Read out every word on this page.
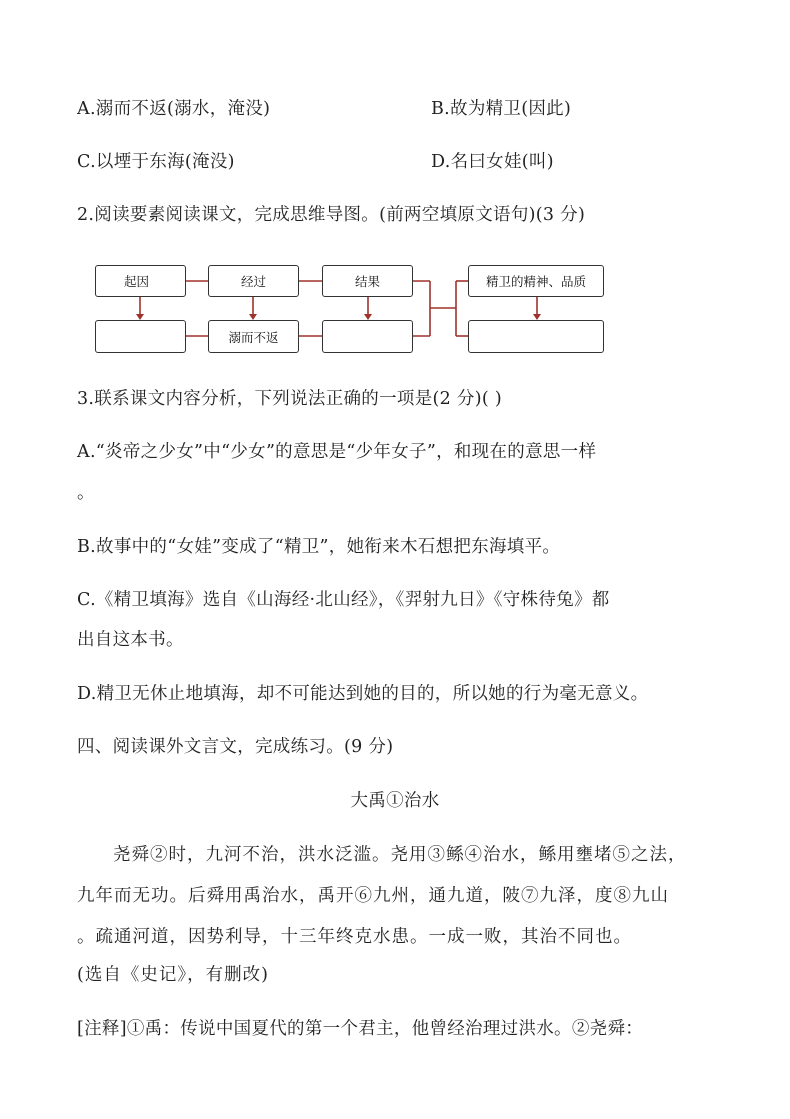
A.溺而不返(溺水，淹没)	B.故为精卫(因此)
C.以堙于东海(淹没)	D.名曰女娃(叫)
2.阅读要素阅读课文，完成思维导图。(前两空填原文语句)(3 分)
起因	经过	结果	精卫的精神、品质
溺而不返
3.联系课文内容分析，下列说法正确的一项是(2 分)( )
A.“炎帝之少女”中“少女”的意思是“少年女子”，和现在的意思一样
。
B.故事中的“女娃”变成了“精卫”，她衔来木石想把东海填平。
C.《精卫填海》选自《山海经·北山经》，《羿射九日》《守株待兔》都
出自这本书。
D.精卫无休止地填海，却不可能达到她的目的，所以她的行为毫无意义。
四、阅读课外文言文，完成练习。(9 分)
大禹①治水
尧舜②时，九河不治，洪水泛滥。尧用③鲧④治水，鲧用壅堵⑤之法，
九年而无功。后舜用禹治水，禹开⑥九州，通九道，陂⑦九泽，度⑧九山
。疏通河道，因势利导，十三年终克水患。一成一败，其治不同也。
(选自《史记》，有删改)
[注释]①禹：传说中国夏代的第一个君主，他曾经治理过洪水。②尧舜：
